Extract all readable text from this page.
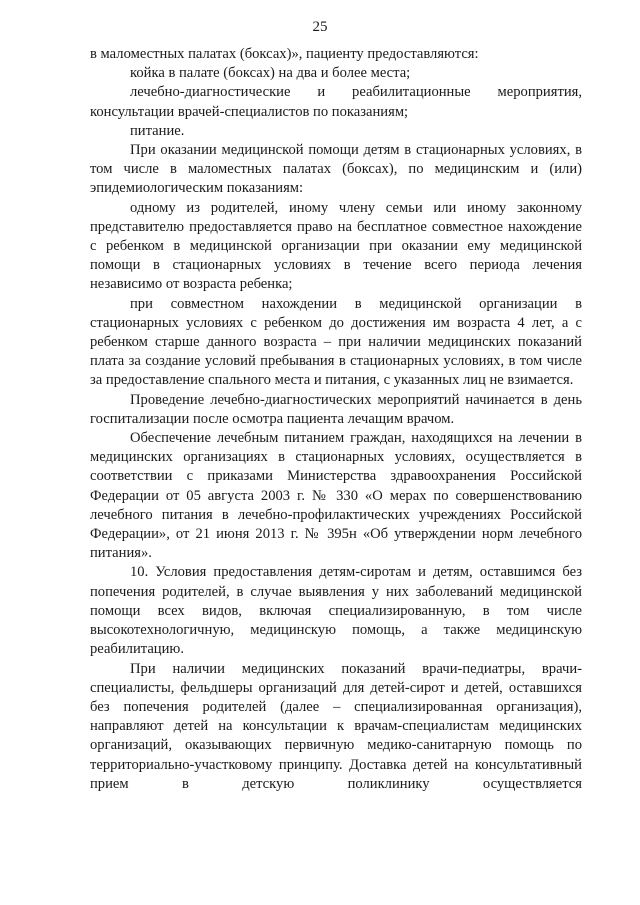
25

в маломестных палатах (боксах)», пациенту предоставляются:

койка в палате (боксах) на два и более места;

лечебно-диагностические и реабилитационные мероприятия, консультации врачей-специалистов по показаниям;

питание.

При оказании медицинской помощи детям в стационарных условиях, в том числе в маломестных палатах (боксах), по медицинским и (или) эпидемиологическим показаниям:

одному из родителей, иному члену семьи или иному законному представителю предоставляется право на бесплатное совместное нахождение с ребенком в медицинской организации при оказании ему медицинской помощи в стационарных условиях в течение всего периода лечения независимо от возраста ребенка;

при совместном нахождении в медицинской организации в стационарных условиях с ребенком до достижения им возраста 4 лет, а с ребенком старше данного возраста – при наличии медицинских показаний плата за создание условий пребывания в стационарных условиях, в том числе за предоставление спального места и питания, с указанных лиц не взимается.

Проведение лечебно-диагностических мероприятий начинается в день госпитализации после осмотра пациента лечащим врачом.

Обеспечение лечебным питанием граждан, находящихся на лечении в медицинских организациях в стационарных условиях, осуществляется в соответствии с приказами Министерства здравоохранения Российской Федерации от 05 августа 2003 г. № 330 «О мерах по совершенствованию лечебного питания в лечебно-профилактических учреждениях Российской Федерации», от 21 июня 2013 г. № 395н «Об утверждении норм лечебного питания».

10. Условия предоставления детям-сиротам и детям, оставшимся без попечения родителей, в случае выявления у них заболеваний медицинской помощи всех видов, включая специализированную, в том числе высокотехнологичную, медицинскую помощь, а также медицинскую реабилитацию.

При наличии медицинских показаний врачи-педиатры, врачи-специалисты, фельдшеры организаций для детей-сирот и детей, оставшихся без попечения родителей (далее – специализированная организация), направляют детей на консультации к врачам-специалистам медицинских организаций, оказывающих первичную медико-санитарную помощь по территориально-участковому принципу. Доставка детей на консультативный прием в детскую поликлинику осуществляется
